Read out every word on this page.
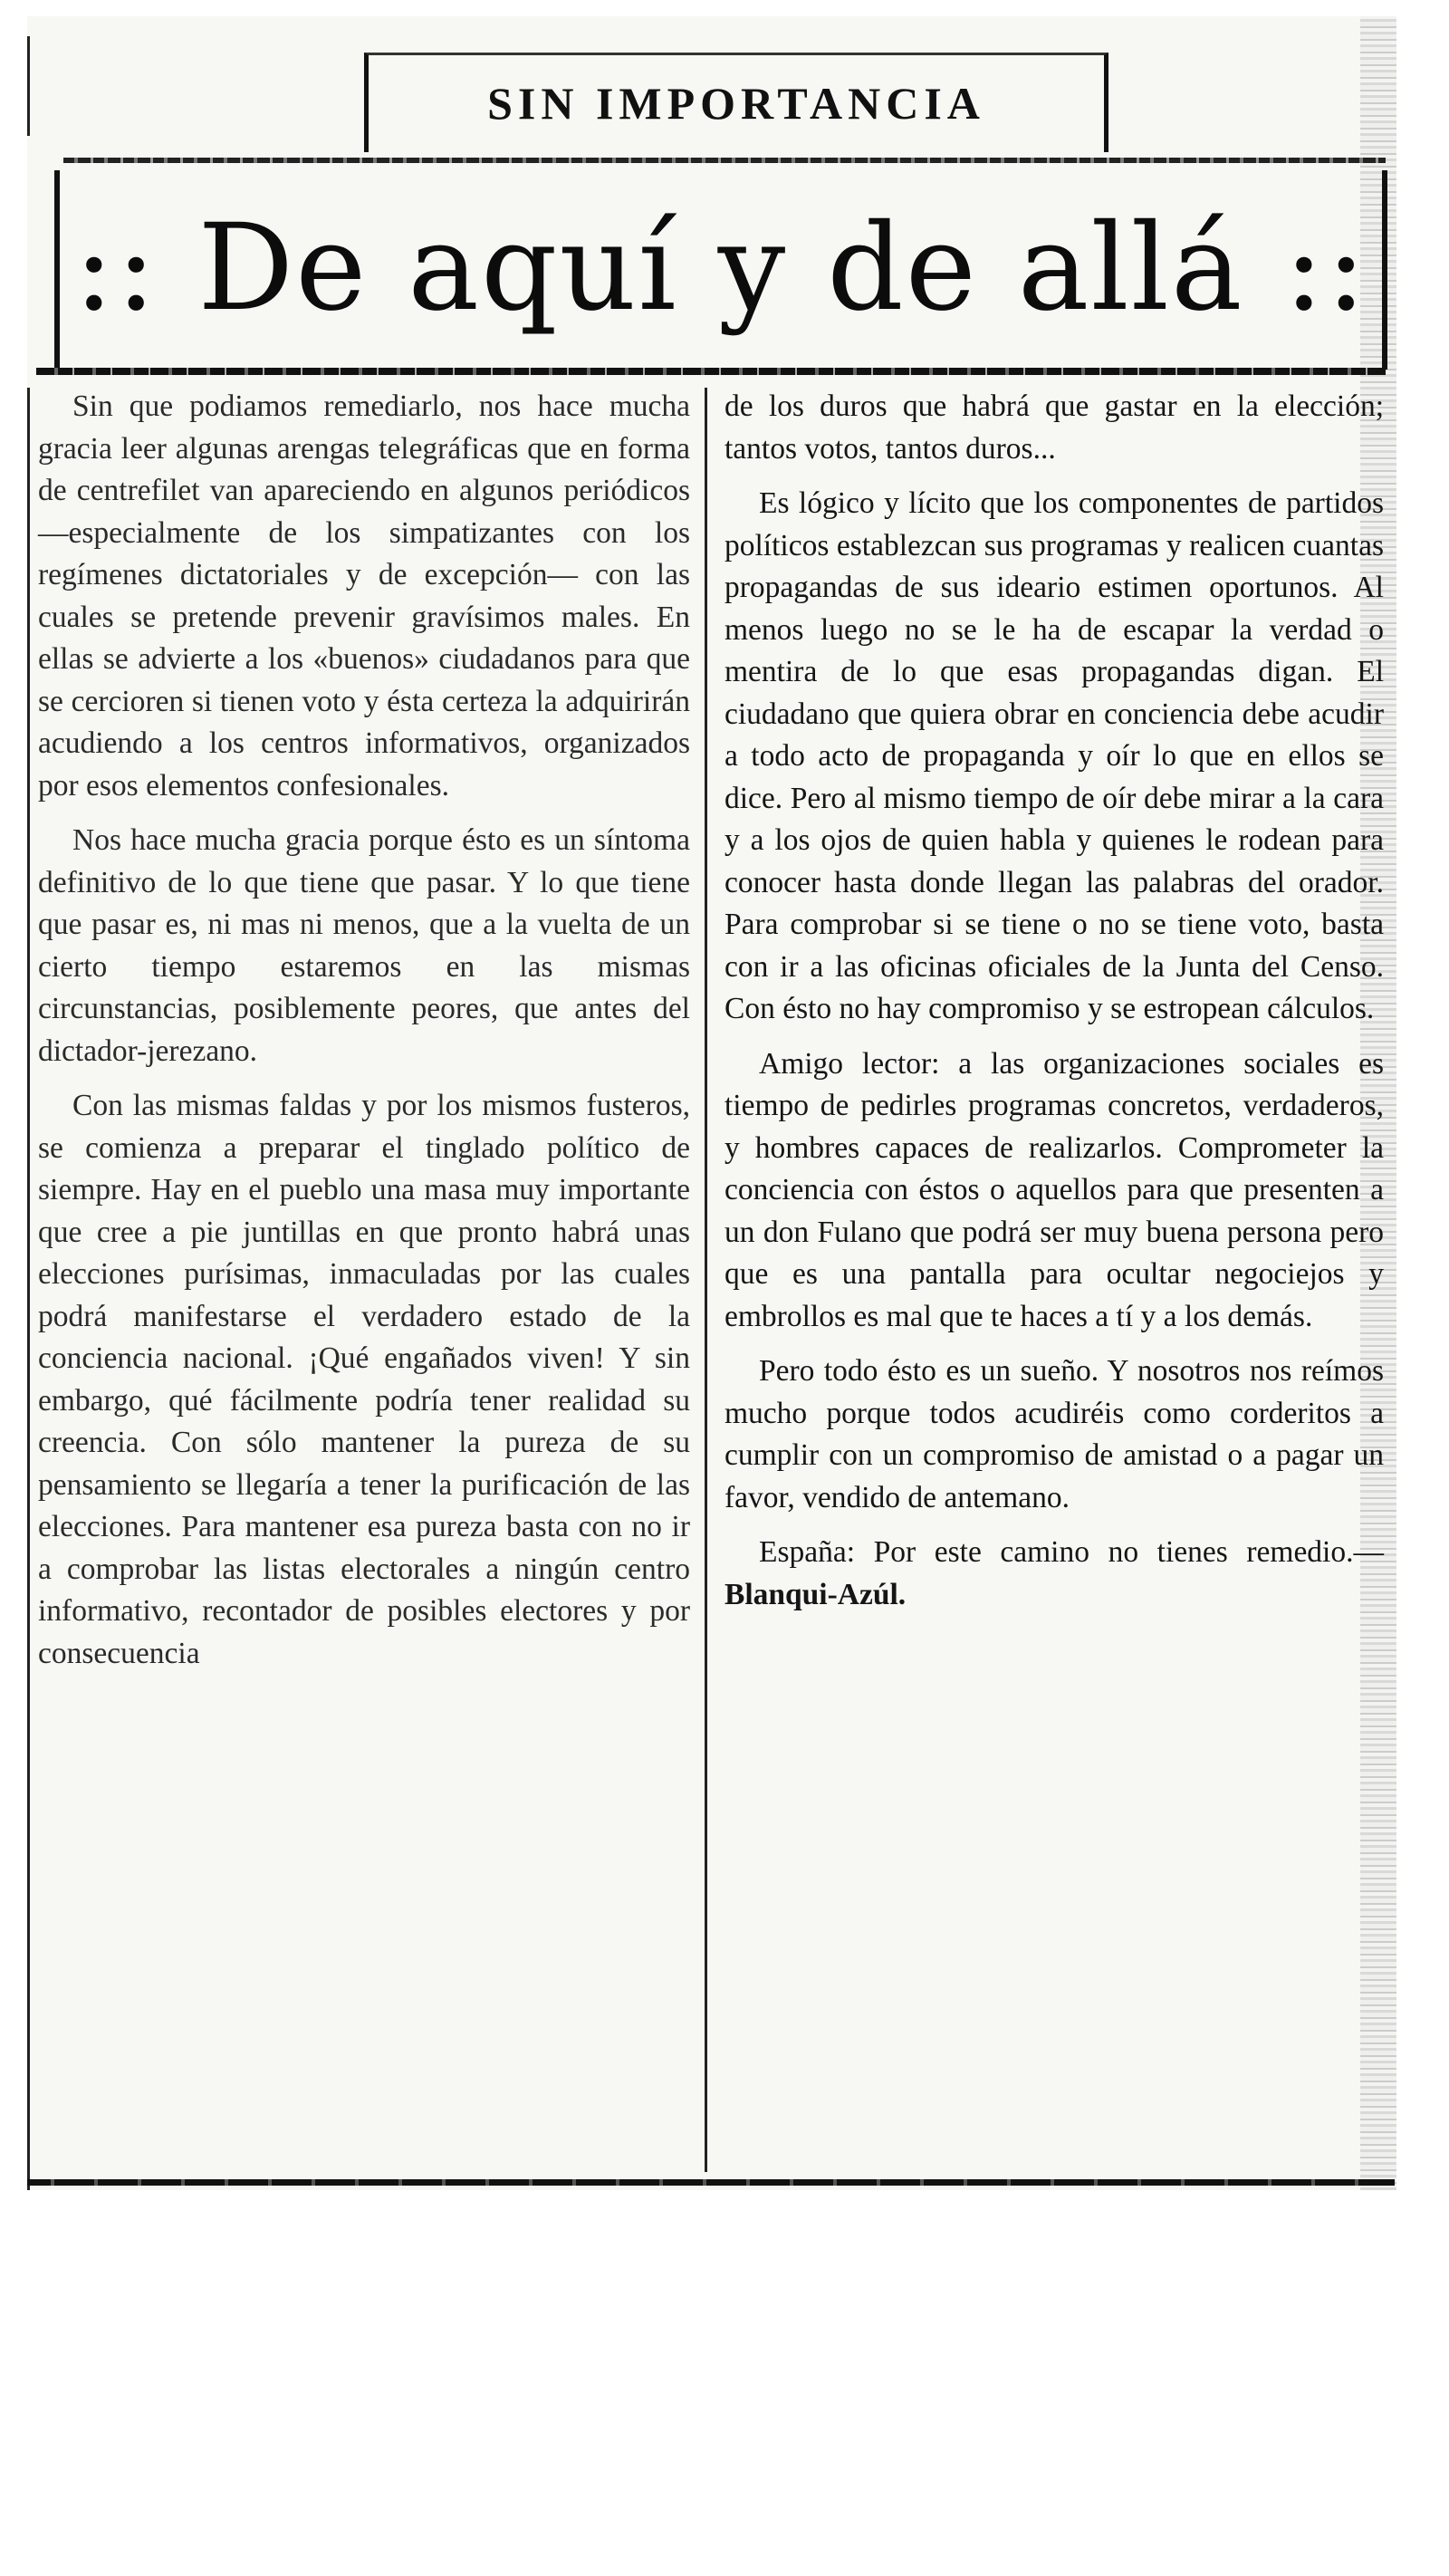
SIN IMPORTANCIA
:: De aquí y de allá ::

Sin que podiamos remediarlo, nos hace mucha gracia leer algunas arengas telegráficas que en forma de centrefilet van apareciendo en algunos periódicos —especialmente de los simpatizantes con los regímenes dictatoriales y de excepción— con las cuales se pretende prevenir gravísimos males. En ellas se advierte a los «buenos» ciudadanos para que se cercioren si tienen voto y ésta certeza la adquirirán acudiendo a los centros informativos, organizados por esos elementos confesionales.

Nos hace mucha gracia porque ésto es un síntoma definitivo de lo que tiene que pasar. Y lo que tiene que pasar es, ni mas ni menos, que a la vuelta de un cierto tiempo estaremos en las mismas circunstancias, posiblemente peores, que antes del dictador-jerezano.

Con las mismas faldas y por los mismos fusteros, se comienza a preparar el tinglado político de siempre. Hay en el pueblo una masa muy importante que cree a pie juntillas en que pronto habrá unas elecciones purísimas, inmaculadas por las cuales podrá manifestarse el verdadero estado de la conciencia nacional. ¡Qué engañados viven! Y sin embargo, qué fácilmente podría tener realidad su creencia. Con sólo mantener la pureza de su pensamiento se llegaría a tener la purificación de las elecciones. Para mantener esa pureza basta con no ir a comprobar las listas electorales a ningún centro informativo, recontador de posibles electores y por consecuencia

de los duros que habrá que gastar en la elección; tantos votos, tantos duros...

Es lógico y lícito que los componentes de partidos políticos establezcan sus programas y realicen cuantas propagandas de sus ideario estimen oportunos. Al menos luego no se le ha de escapar la verdad o mentira de lo que esas propagandas digan. El ciudadano que quiera obrar en conciencia debe acudir a todo acto de propaganda y oír lo que en ellos se dice. Pero al mismo tiempo de oír debe mirar a la cara y a los ojos de quien habla y quienes le rodean para conocer hasta donde llegan las palabras del orador. Para comprobar si se tiene o no se tiene voto, basta con ir a las oficinas oficiales de la Junta del Censo. Con ésto no hay compromiso y se estropean cálculos.

Amigo lector: a las organizaciones sociales es tiempo de pedirles programas concretos, verdaderos, y hombres capaces de realizarlos. Comprometer la conciencia con éstos o aquellos para que presenten a un don Fulano que podrá ser muy buena persona pero que es una pantalla para ocultar negociejos y embrollos es mal que te haces a tí y a los demás.

Pero todo ésto es un sueño. Y nosotros nos reímos mucho porque todos acudiréis como corderitos a cumplir con un compromiso de amistad o a pagar un favor, vendido de antemano.

España: Por este camino no tienes remedio.—Blanqui-Azúl.
